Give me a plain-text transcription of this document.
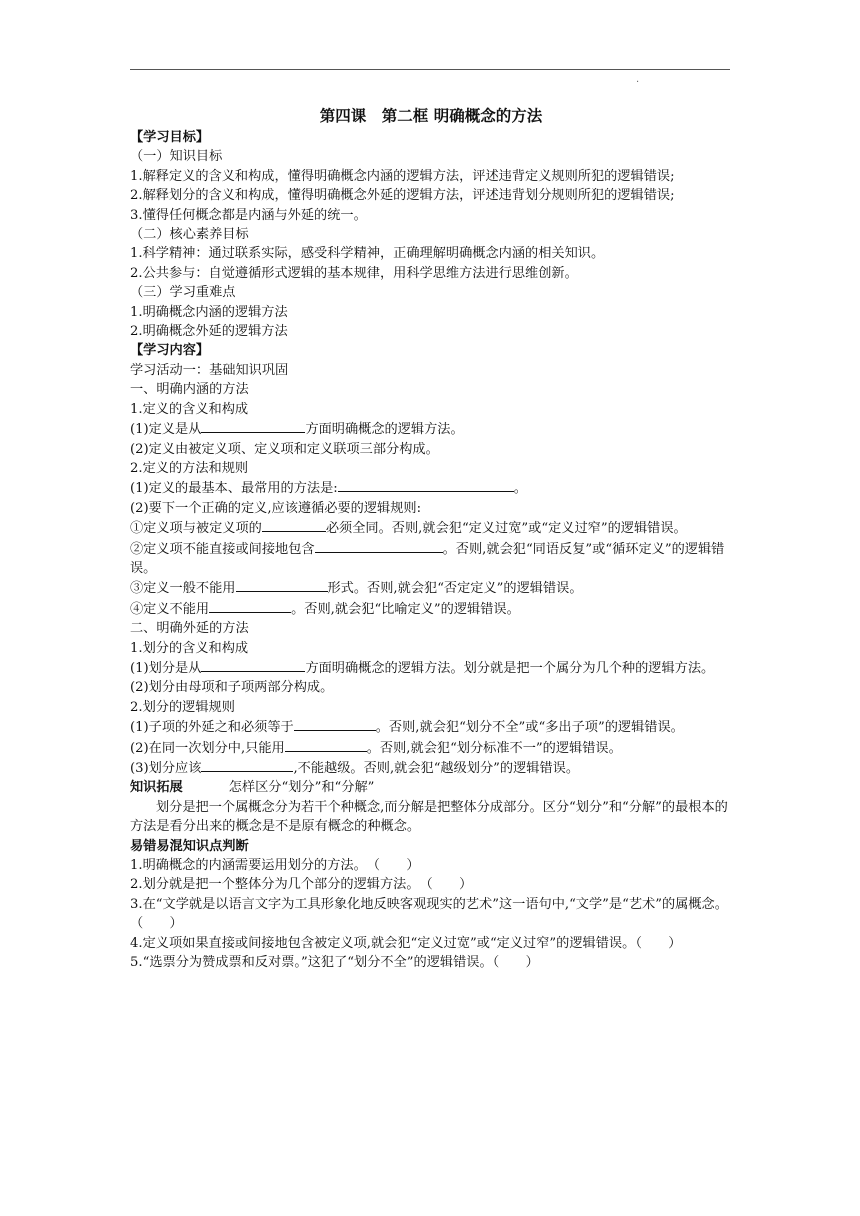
.

第四课　第二框 明确概念的方法

【学习目标】

（一）知识目标

1.解释定义的含义和构成，懂得明确概念内涵的逻辑方法，评述违背定义规则所犯的逻辑错误;

2.解释划分的含义和构成，懂得明确概念外延的逻辑方法，评述违背划分规则所犯的逻辑错误;

3.懂得任何概念都是内涵与外延的统一。

（二）核心素养目标

1.科学精神：通过联系实际，感受科学精神，正确理解明确概念内涵的相关知识。

2.公共参与：自觉遵循形式逻辑的基本规律，用科学思维方法进行思维创新。

（三）学习重难点

1.明确概念内涵的逻辑方法

2.明确概念外延的逻辑方法

【学习内容】

学习活动一：基础知识巩固

一、明确内涵的方法

1.定义的含义和构成

(1)定义是从	方面明确概念的逻辑方法。

(2)定义由被定义项、定义项和定义联项三部分构成。

2.定义的方法和规则

(1)定义的最基本、最常用的方法是:	。

(2)要下一个正确的定义,应该遵循必要的逻辑规则:

①定义项与被定义项的	必须全同。否则,就会犯“定义过宽”或“定义过窄”的逻辑错误。

②定义项不能直接或间接地包含	。否则,就会犯“同语反复”或“循环定义”的逻辑错误。

③定义一般不能用	形式。否则,就会犯“否定定义”的逻辑错误。

④定义不能用	。否则,就会犯“比喻定义”的逻辑错误。

二、明确外延的方法

1.划分的含义和构成

(1)划分是从	方面明确概念的逻辑方法。划分就是把一个属分为几个种的逻辑方法。

(2)划分由母项和子项两部分构成。

2.划分的逻辑规则

(1)子项的外延之和必须等于	。否则,就会犯“划分不全”或“多出子项”的逻辑错误。

(2)在同一次划分中,只能用	。否则,就会犯“划分标准不一”的逻辑错误。

(3)划分应该	,不能越级。否则,就会犯“越级划分”的逻辑错误。

知识拓展	怎样区分“划分”和“分解”

划分是把一个属概念分为若干个种概念,而分解是把整体分成部分。区分“划分”和“分解”的最根本的方法是看分出来的概念是不是原有概念的种概念。

易错易混知识点判断

1.明确概念的内涵需要运用划分的方法。　（　　）

2.划分就是把一个整体分为几个部分的逻辑方法。　（　　）

3.在“文学就是以语言文字为工具形象化地反映客观现实的艺术”这一语句中,“文学”是“艺术”的属概念。　（　　）

4.定义项如果直接或间接地包含被定义项,就会犯“定义过宽”或“定义过窄”的逻辑错误。（　　）

5.“选票分为赞成票和反对票。”这犯了“划分不全”的逻辑错误。（　　）
